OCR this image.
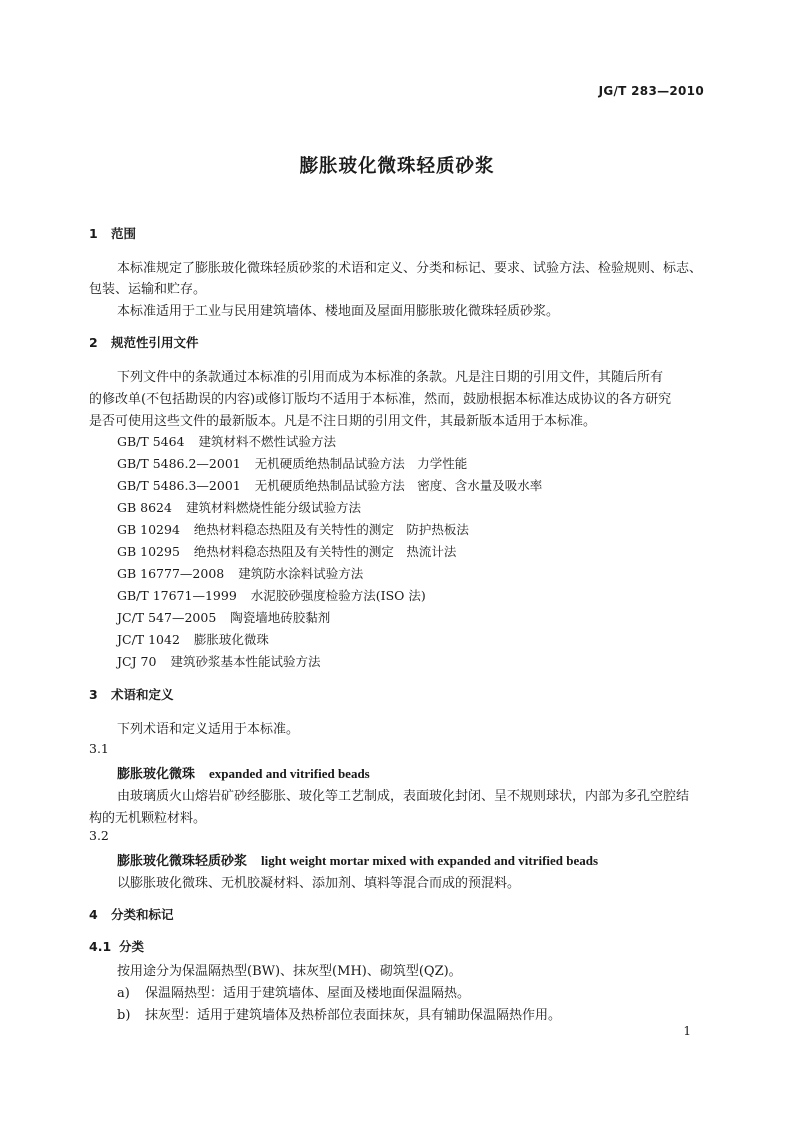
JG/T 283—2010
膨胀玻化微珠轻质砂浆
1 范围
本标准规定了膨胀玻化微珠轻质砂浆的术语和定义、分类和标记、要求、试验方法、检验规则、标志、
包装、运输和贮存。
本标准适用于工业与民用建筑墙体、楼地面及屋面用膨胀玻化微珠轻质砂浆。
2 规范性引用文件
下列文件中的条款通过本标准的引用而成为本标准的条款。凡是注日期的引用文件，其随后所有
的修改单(不包括勘误的内容)或修订版均不适用于本标准，然而，鼓励根据本标准达成协议的各方研究
是否可使用这些文件的最新版本。凡是不注日期的引用文件，其最新版本适用于本标准。
GB/T 5464 建筑材料不燃性试验方法
GB/T 5486.2—2001 无机硬质绝热制品试验方法　力学性能
GB/T 5486.3—2001 无机硬质绝热制品试验方法　密度、含水量及吸水率
GB 8624 建筑材料燃烧性能分级试验方法
GB 10294 绝热材料稳态热阻及有关特性的测定　防护热板法
GB 10295 绝热材料稳态热阻及有关特性的测定　热流计法
GB 16777—2008 建筑防水涂料试验方法
GB/T 17671—1999 水泥胶砂强度检验方法(ISO 法)
JC/T 547—2005 陶瓷墙地砖胶黏剂
JC/T 1042 膨胀玻化微珠
JCJ 70 建筑砂浆基本性能试验方法
3 术语和定义
下列术语和定义适用于本标准。
3.1
膨胀玻化微珠 expanded and vitrified beads
由玻璃质火山熔岩矿砂经膨胀、玻化等工艺制成，表面玻化封闭、呈不规则球状，内部为多孔空腔结
构的无机颗粒材料。
3.2
膨胀玻化微珠轻质砂浆 light weight mortar mixed with expanded and vitrified beads
以膨胀玻化微珠、无机胶凝材料、添加剂、填料等混合而成的预混料。
4 分类和标记
4.1 分类
按用途分为保温隔热型(BW)、抹灰型(MH)、砌筑型(QZ)。
a) 保温隔热型：适用于建筑墙体、屋面及楼地面保温隔热。
b) 抹灰型：适用于建筑墙体及热桥部位表面抹灰，具有辅助保温隔热作用。
1
